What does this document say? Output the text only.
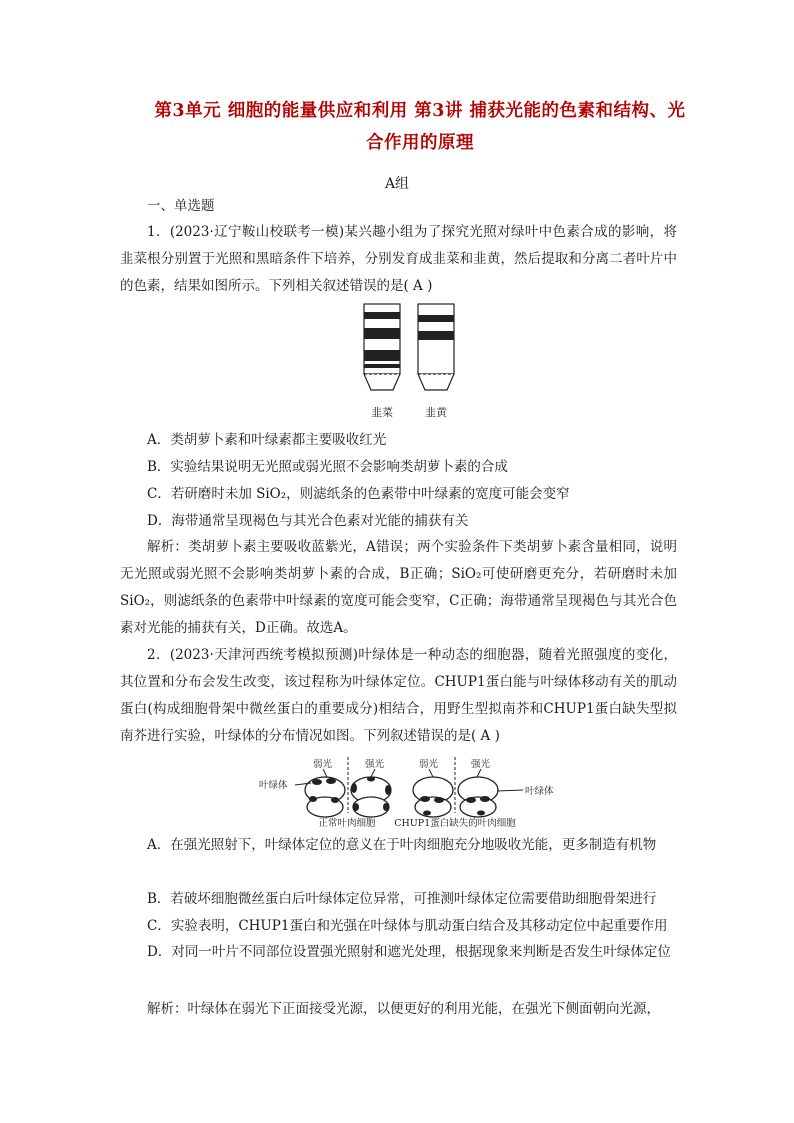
第3单元 细胞的能量供应和利用 第3讲 捕获光能的色素和结构、光合作用的原理
A组
一、单选题
1．(2023·辽宁鞍山校联考一模)某兴趣小组为了探究光照对绿叶中色素合成的影响，将韭菜根分别置于光照和黑暗条件下培养，分别发育成韭菜和韭黄，然后提取和分离二者叶片中的色素，结果如图所示。下列相关叙述错误的是( A )
韭菜	韭黄
A．类胡萝卜素和叶绿素都主要吸收红光
B．实验结果说明无光照或弱光照不会影响类胡萝卜素的合成
C．若研磨时未加 SiO₂，则滤纸条的色素带中叶绿素的宽度可能会变窄
D．海带通常呈现褐色与其光合色素对光能的捕获有关
解析：类胡萝卜素主要吸收蓝紫光，A错误；两个实验条件下类胡萝卜素含量相同，说明无光照或弱光照不会影响类胡萝卜素的合成，B正确；SiO₂可使研磨更充分，若研磨时未加SiO₂，则滤纸条的色素带中叶绿素的宽度可能会变窄，C正确；海带通常呈现褐色与其光合色素对光能的捕获有关，D正确。故选A。
2．(2023·天津河西统考模拟预测)叶绿体是一种动态的细胞器，随着光照强度的变化，其位置和分布会发生改变，该过程称为叶绿体定位。CHUP1蛋白能与叶绿体移动有关的肌动蛋白(构成细胞骨架中微丝蛋白的重要成分)相结合，用野生型拟南芥和CHUP1蛋白缺失型拟南芥进行实验，叶绿体的分布情况如图。下列叙述错误的是( A )
弱光	强光
叶绿体
正常叶肉细胞
弱光	强光
叶绿体
CHUP1蛋白缺失的叶肉细胞
A．在强光照射下，叶绿体定位的意义在于叶肉细胞充分地吸收光能，更多制造有机物
B．若破坏细胞微丝蛋白后叶绿体定位异常，可推测叶绿体定位需要借助细胞骨架进行
C．实验表明，CHUP1蛋白和光强在叶绿体与肌动蛋白结合及其移动定位中起重要作用
D．对同一叶片不同部位设置强光照射和遮光处理，根据现象来判断是否发生叶绿体定位
解析：叶绿体在弱光下正面接受光源，以便更好的利用光能，在强光下侧面朝向光源，
